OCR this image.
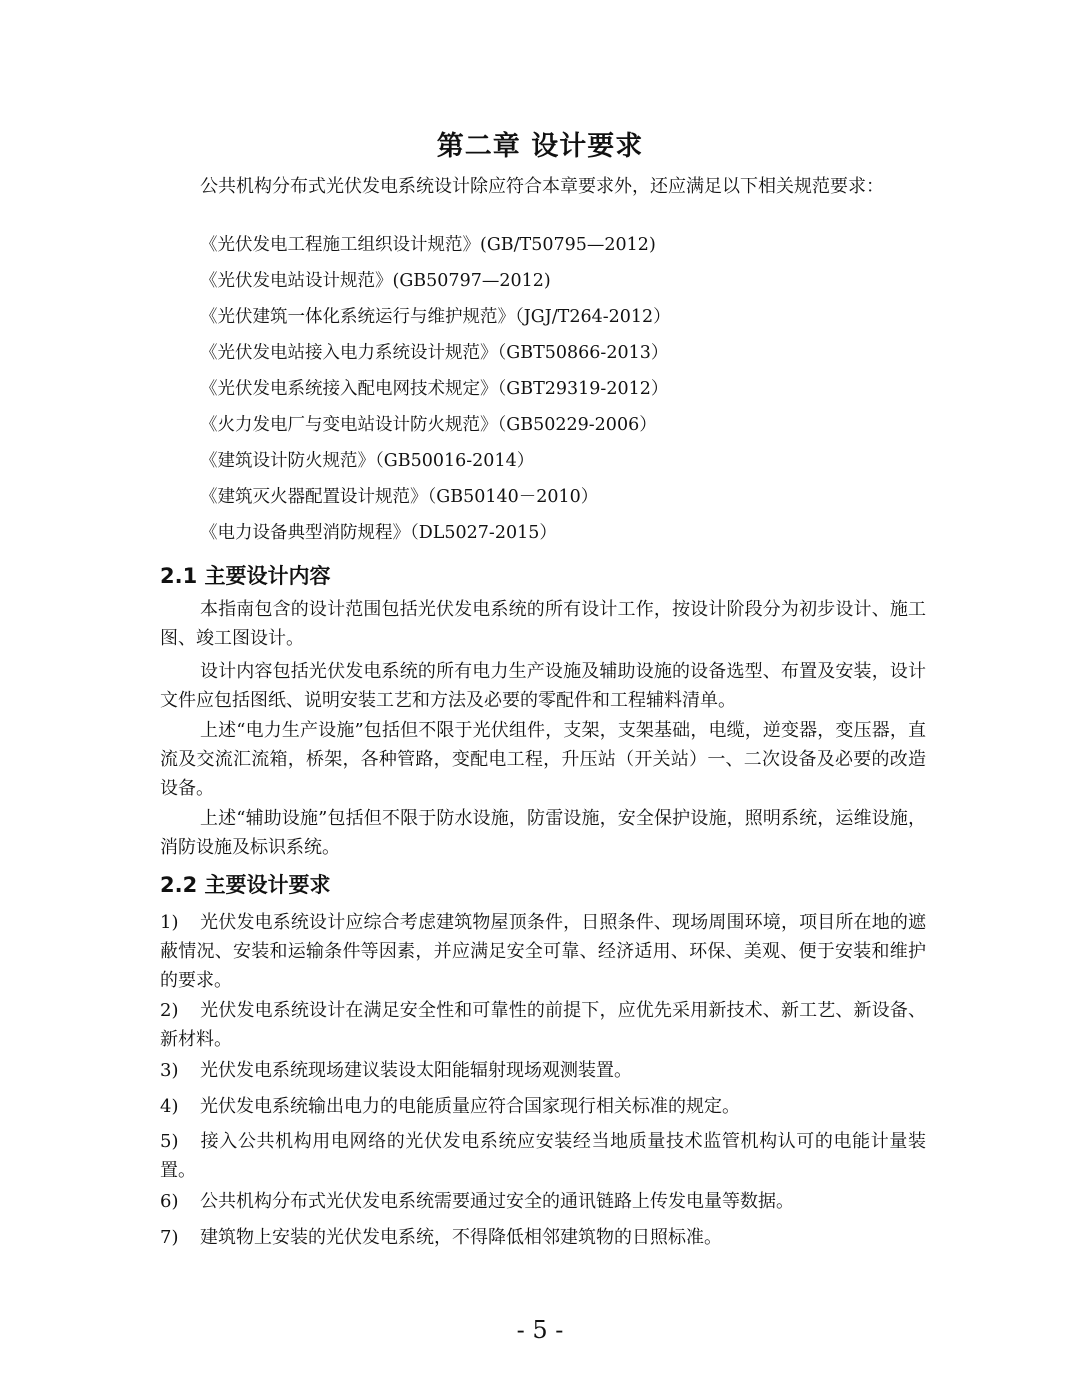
第二章 设计要求

公共机构分布式光伏发电系统设计除应符合本章要求外，还应满足以下相关规范要求：

《光伏发电工程施工组织设计规范》(GB/T50795—2012)
《光伏发电站设计规范》(GB50797—2012)
《光伏建筑一体化系统运行与维护规范》（JGJ/T264-2012）
《光伏发电站接入电力系统设计规范》（GBT50866-2013）
《光伏发电系统接入配电网技术规定》（GBT29319-2012）
《火力发电厂与变电站设计防火规范》（GB50229-2006）
《建筑设计防火规范》（GB50016-2014）
《建筑灭火器配置设计规范》（GB50140－2010）
《电力设备典型消防规程》（DL5027-2015）
2.1 主要设计内容

本指南包含的设计范围包括光伏发电系统的所有设计工作，按设计阶段分为初步设计、施工图、竣工图设计。

设计内容包括光伏发电系统的所有电力生产设施及辅助设施的设备选型、布置及安装，设计文件应包括图纸、说明安装工艺和方法及必要的零配件和工程辅料清单。

上述“电力生产设施”包括但不限于光伏组件，支架，支架基础，电缆，逆变器，变压器，直流及交流汇流箱，桥架，各种管路，变配电工程，升压站（开关站）一、二次设备及必要的改造设备。

上述“辅助设施”包括但不限于防水设施，防雷设施，安全保护设施，照明系统，运维设施，消防设施及标识系统。

2.2 主要设计要求

1) 光伏发电系统设计应综合考虑建筑物屋顶条件，日照条件、现场周围环境，项目所在地的遮蔽情况、安装和运输条件等因素，并应满足安全可靠、经济适用、环保、美观、便于安装和维护的要求。

2) 光伏发电系统设计在满足安全性和可靠性的前提下，应优先采用新技术、新工艺、新设备、新材料。

3) 光伏发电系统现场建议装设太阳能辐射现场观测装置。

4) 光伏发电系统输出电力的电能质量应符合国家现行相关标准的规定。

5) 接入公共机构用电网络的光伏发电系统应安装经当地质量技术监管机构认可的电能计量装置。

6) 公共机构分布式光伏发电系统需要通过安全的通讯链路上传发电量等数据。

7) 建筑物上安装的光伏发电系统，不得降低相邻建筑物的日照标准。

- 5 -
